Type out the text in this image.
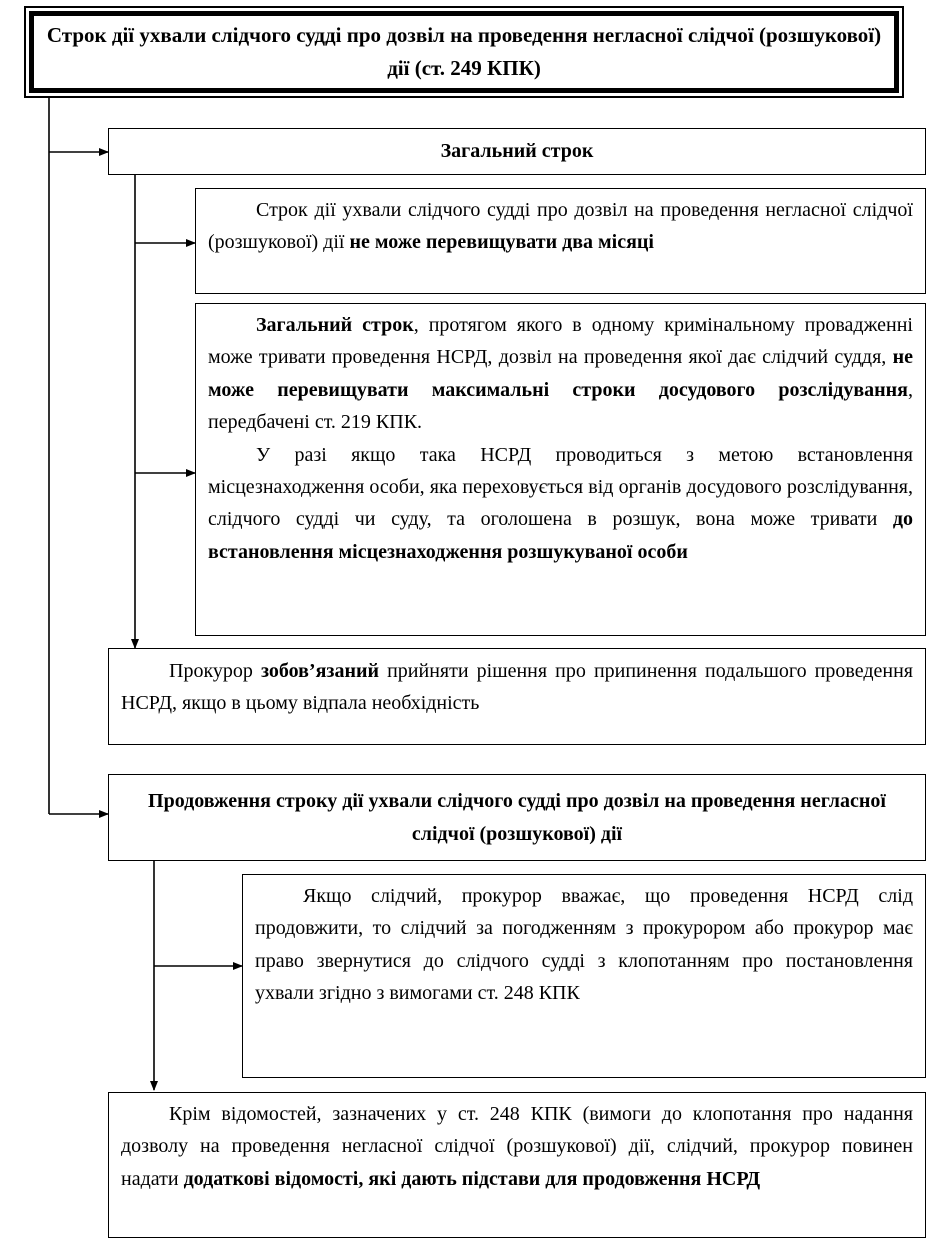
Строк дії ухвали слідчого судді про дозвіл на проведення негласної слідчої (розшукової) дії (ст. 249 КПК)
Загальний строк

Строк дії ухвали слідчого судді про дозвіл на проведення негласної слідчої (розшукової) дії не може перевищувати два місяці

Загальний строк, протягом якого в одному кримінальному провадженні може тривати проведення НСРД, дозвіл на проведення якої дає слідчий суддя, не може перевищувати максимальні строки досудового розслідування, передбачені ст. 219 КПК.

У разі якщо така НСРД проводиться з метою встановлення місцезнаходження особи, яка переховується від органів досудового розслідування, слідчого судді чи суду, та оголошена в розшук, вона може тривати до встановлення місцезнаходження розшукуваної особи

Прокурор зобов’язаний прийняти рішення про припинення подальшого проведення НСРД, якщо в цьому відпала необхідність

Продовження строку дії ухвали слідчого судді про дозвіл на проведення негласної слідчої (розшукової) дії

Якщо слідчий, прокурор вважає, що проведення НСРД слід продовжити, то слідчий за погодженням з прокурором або прокурор має право звернутися до слідчого судді з клопотанням про постановлення ухвали згідно з вимогами ст. 248 КПК

Крім відомостей, зазначених у ст. 248 КПК (вимоги до клопотання про надання дозволу на проведення негласної слідчої (розшукової) дії, слідчий, прокурор повинен надати додаткові відомості, які дають підстави для продовження НСРД
